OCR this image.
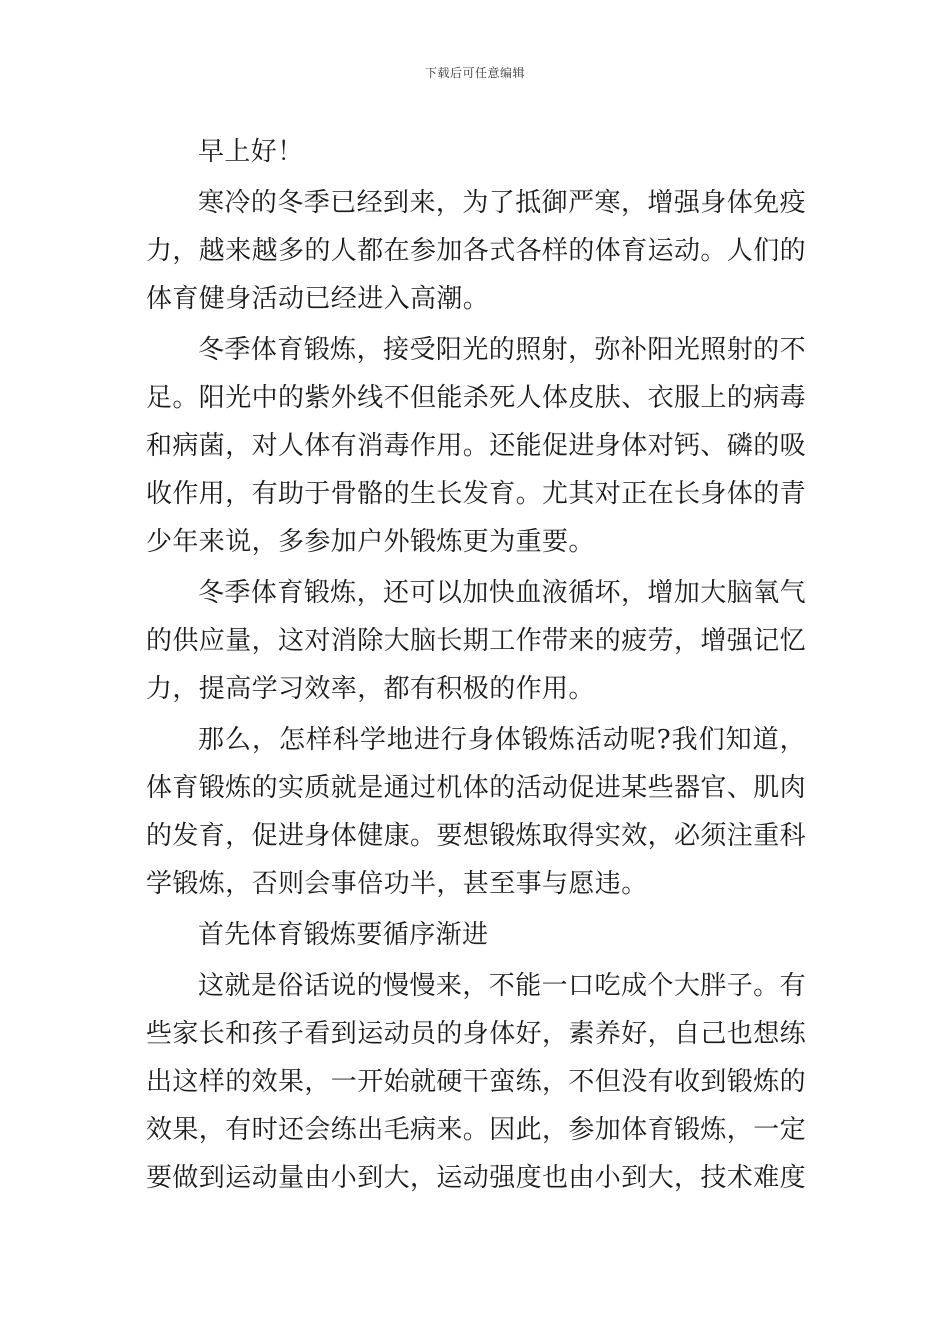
下载后可任意编辑

早上好！

寒冷的冬季已经到来，为了抵御严寒，增强身体免疫力，越来越多的人都在参加各式各样的体育运动。人们的体育健身活动已经进入高潮。

冬季体育锻炼，接受阳光的照射，弥补阳光照射的不足。阳光中的紫外线不但能杀死人体皮肤、衣服上的病毒和病菌，对人体有消毒作用。还能促进身体对钙、磷的吸收作用，有助于骨骼的生长发育。尤其对正在长身体的青少年来说，多参加户外锻炼更为重要。

冬季体育锻炼，还可以加快血液循坏，增加大脑氧气的供应量，这对消除大脑长期工作带来的疲劳，增强记忆力，提高学习效率，都有积极的作用。

那么，怎样科学地进行身体锻炼活动呢?我们知道，体育锻炼的实质就是通过机体的活动促进某些器官、肌肉的发育，促进身体健康。要想锻炼取得实效，必须注重科学锻炼，否则会事倍功半，甚至事与愿违。

首先体育锻炼要循序渐进

这就是俗话说的慢慢来，不能一口吃成个大胖子。有些家长和孩子看到运动员的身体好，素养好，自己也想练出这样的效果，一开始就硬干蛮练，不但没有收到锻炼的效果，有时还会练出毛病来。因此，参加体育锻炼，一定要做到运动量由小到大，运动强度也由小到大，技术难度
